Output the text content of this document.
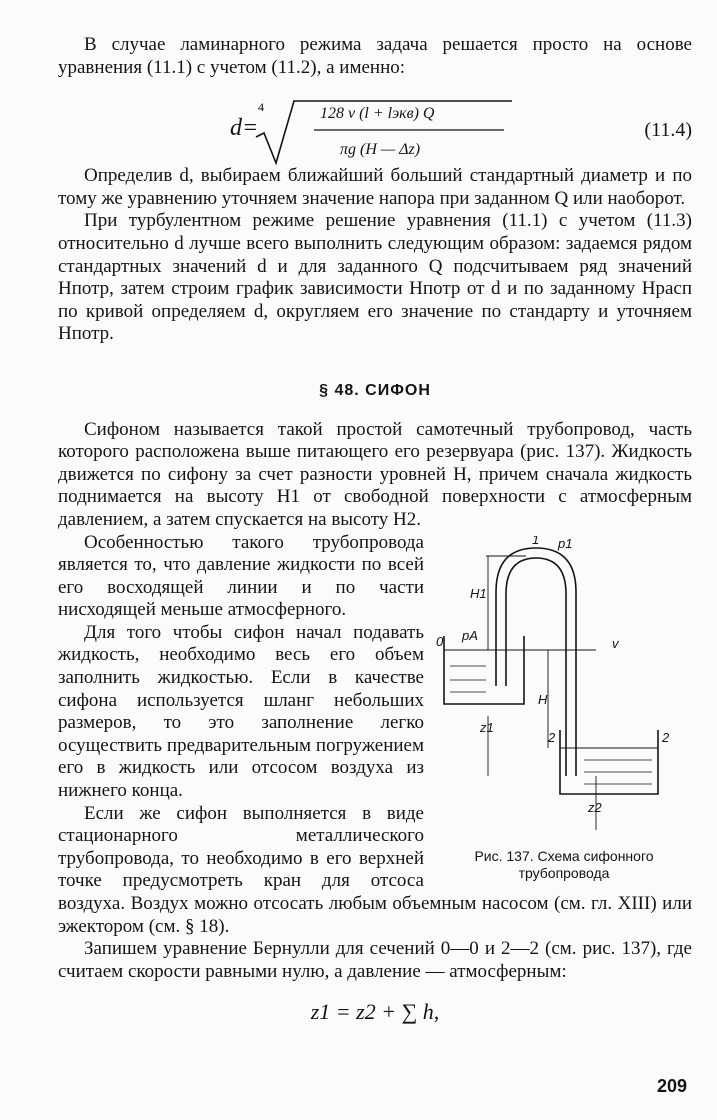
В случае ламинарного режима задача решается просто на основе уравнения (11.1) с учетом (11.2), а именно:

d=
4	128 ν (l + lэкв) Q
πg (H — Δz)
(11.4)

Определив d, выбираем ближайший больший стандартный диаметр и по тому же уравнению уточняем значение напора при заданном Q или наоборот.

При турбулентном режиме решение уравнения (11.1) с учетом (11.3) относительно d лучше всего выполнить следующим образом: задаемся рядом стандартных значений d и для заданного Q подсчитываем ряд значений Hпотр, затем строим график зависимости Hпотр от d и по заданному Hрасп по кривой определяем d, округляем его значение по стандарту и уточняем Hпотр.

§ 48. СИФОН

Сифоном называется такой простой самотечный трубопровод, часть которого расположена выше питающего его резервуара (рис. 137). Жидкость движется по сифону за счет разности уровней H, причем сначала жидкость поднимается на высоту H1 от свободной поверхности с атмосферным давлением, а затем спускается на высоту H2.

1 p1
H1
0 pA
v
H
2	2
z1
z2
Рис. 137. Схема сифонного трубопровода

Особенностью такого трубопровода является то, что давление жидкости по всей его восходящей линии и по части нисходящей меньше атмосферного.

Для того чтобы сифон начал подавать жидкость, необходимо весь его объем заполнить жидкостью. Если в качестве сифона используется шланг небольших размеров, то это заполнение легко осуществить предварительным погружением его в жидкость или отсосом воздуха из нижнего конца.

Если же сифон выполняется в виде стационарного металлического трубопровода, то необходимо в его верхней точке предусмотреть кран для отсоса воздуха. Воздух можно отсосать любым объемным насосом (см. гл. XIII) или эжектором (см. § 18).

Запишем уравнение Бернулли для сечений 0—0 и 2—2 (см. рис. 137), где считаем скорости равными нулю, а давление — атмосферным:

z1 = z2 + ∑ h,
209
